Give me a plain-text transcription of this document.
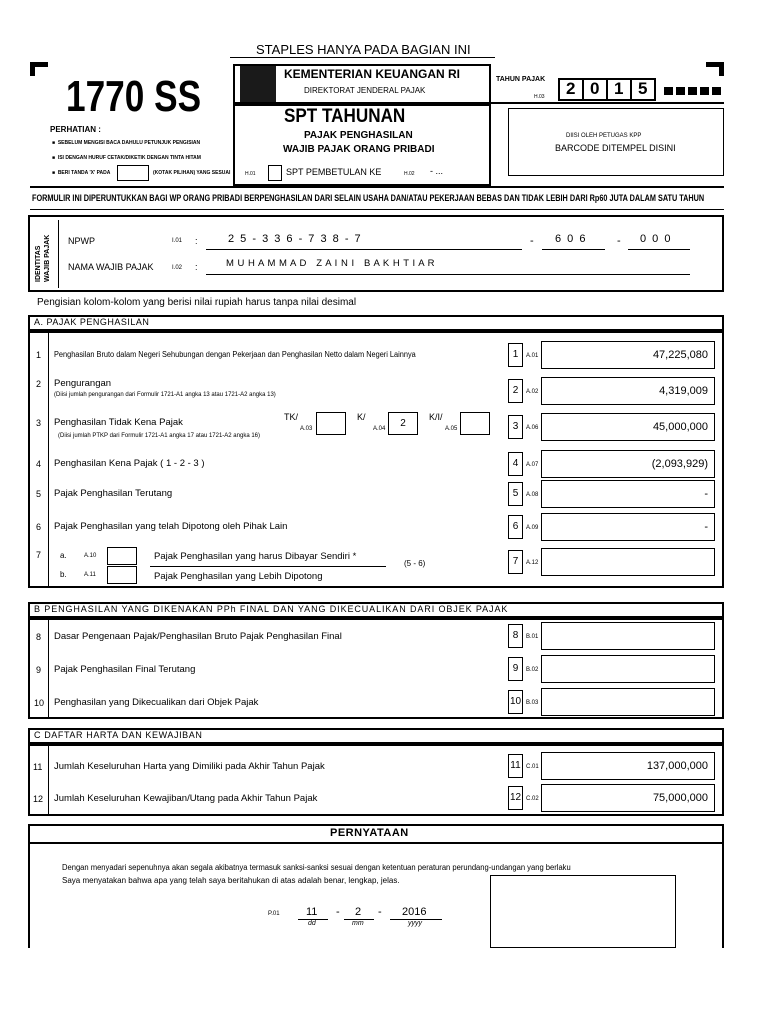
STAPLES HANYA PADA BAGIAN INI
1770 SS
PERHATIAN :
■  SEBELUM MENGISI BACA DAHULU PETUNJUK PENGISIAN
■  ISI DENGAN HURUF CETAK/DIKETIK DENGAN TINTA HITAM
■  BERI TANDA 'X' PADA	(KOTAK PILIHAN) YANG SESUAI
KEMENTERIAN KEUANGAN RI
DIREKTORAT JENDERAL PAJAK
SPT TAHUNAN
PAJAK PENGHASILAN
WAJIB PAJAK ORANG PRIBADI
H.01	SPT PEMBETULAN KE	H.02 - ...
TAHUN PAJAK
H.03 2 0 1 5
DIISI OLEH PETUGAS KPP
BARCODE DITEMPEL DISINI
FORMULIR INI DIPERUNTUKKAN BAGI WP ORANG PRIBADI BERPENGHASILAN DARI SELAIN USAHA DAN/ATAU PEKERJAAN BEBAS DAN TIDAK LEBIH DARI Rp60 JUTA DALAM SATU TAHUN
IDENTITAS WAJIB PAJAK NPWP	I.01 :	2 5 - 3 3 6 - 7 3 8 - 7	- 6 0 6	- 0 0 0
NAMA WAJIB PAJAK	I.02 :	M U H A M M A D   Z A I N I   B A K H T I A R
Pengisian kolom-kolom yang berisi nilai rupiah harus tanpa nilai desimal
A. PAJAK PENGHASILAN
1 Penghasilan Bruto dalam Negeri Sehubungan dengan Pekerjaan dan Penghasilan Netto dalam Negeri Lainnya	1	A.01	47,225,080
2 Pengurangan
(Diisi jumlah pengurangan dari Formulir 1721-A1 angka 13 atau 1721-A2 angka 13)	2	A.02	4,319,009
3 Penghasilan Tidak Kena Pajak
(Diisi jumlah PTKP dari Formulir 1721-A1 angka 17 atau 1721-A2 angka 16)
TK/
A.03
K/
A.04	2
K/I/
A.05	3	A.06	45,000,000
4 Penghasilan Kena Pajak ( 1 - 2 - 3 )	4	A.07	(2,093,929)
5 Pajak Penghasilan Terutang	5	A.08	-
6 Pajak Penghasilan yang telah Dipotong oleh Pihak Lain	6	A.09	-
7 a.	A.10	Pajak Penghasilan yang harus Dibayar Sendiri *
b.	A.11	Pajak Penghasilan yang Lebih Dipotong
(5 - 6)	7	A.12
B PENGHASILAN YANG DIKENAKAN PPh FINAL DAN YANG DIKECUALIKAN DARI OBJEK PAJAK
8 Dasar Pengenaan Pajak/Penghasilan Bruto Pajak Penghasilan Final	8	B.01
9 Pajak Penghasilan Final Terutang	9	B.02
10 Penghasilan yang Dikecualikan dari Objek Pajak	10 B.03
C DAFTAR HARTA DAN KEWAJIBAN
11 Jumlah Keseluruhan Harta yang Dimiliki pada Akhir Tahun Pajak	11 C.01	137,000,000
12 Jumlah Keseluruhan Kewajiban/Utang pada Akhir Tahun Pajak	12 C.02	75,000,000
PERNYATAAN
Dengan menyadari sepenuhnya akan segala akibatnya termasuk sanksi-sanksi sesuai dengan ketentuan peraturan perundang-undangan yang berlaku
Saya menyatakan bahwa apa yang telah saya beritahukan di atas adalah benar, lengkap, jelas.
P.01 11
dd
- 2
mm
- 2016
yyyy
